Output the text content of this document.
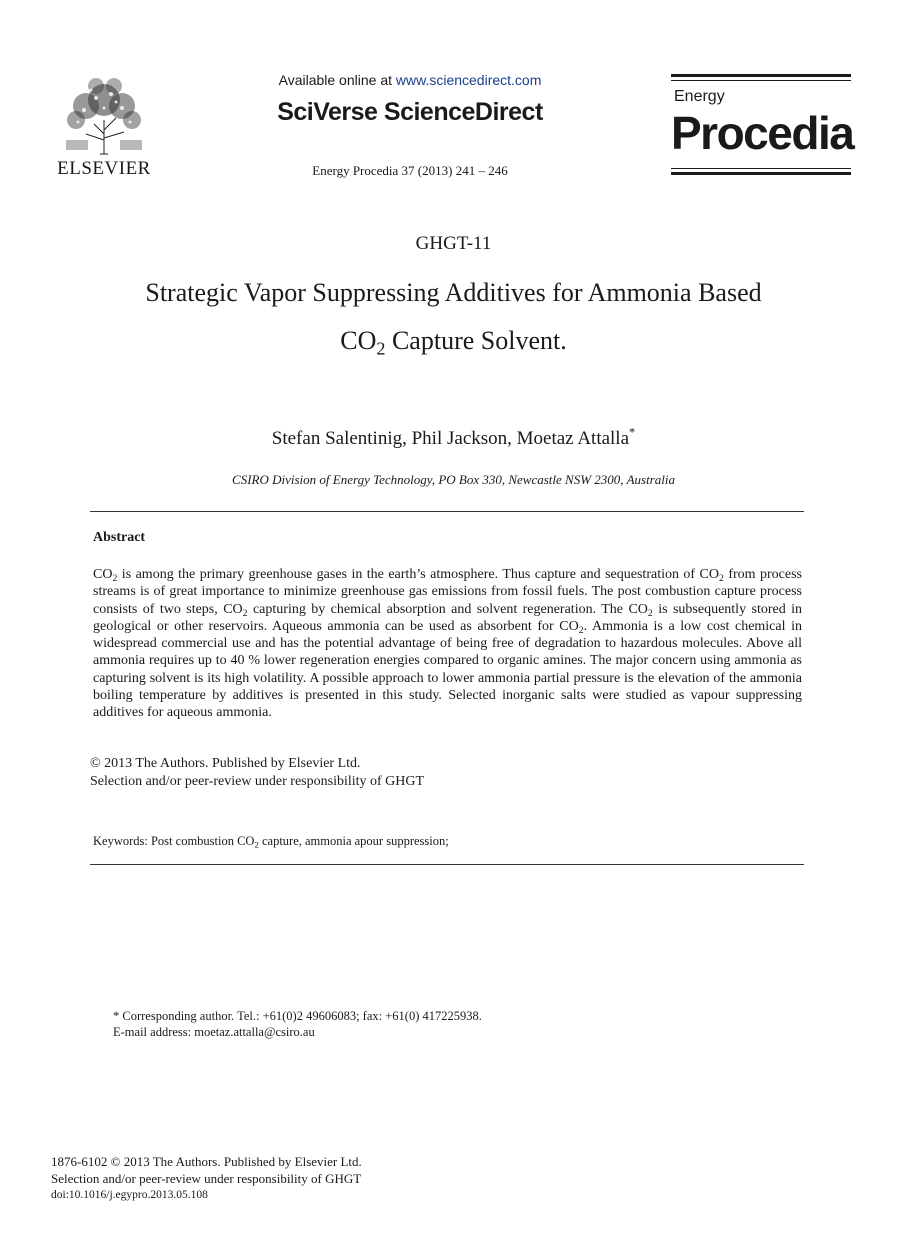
ELSEVIER
Available online at www.sciencedirect.com
SciVerse ScienceDirect
Energy Procedia 37 (2013) 241 – 246
Energy
Procedia
GHGT-11
Strategic Vapor Suppressing Additives for Ammonia Based
$CO_2$ Capture Solvent.
Stefan Salentinig, Phil Jackson, Moetaz Attalla*
CSIRO Division of Energy Technology, PO Box 330, Newcastle NSW 2300, Australia
Abstract
$CO_2$ is among the primary greenhouse gases in the earth’s atmosphere. Thus capture and sequestration of $CO_2$ from process streams is of great importance to minimize greenhouse gas emissions from fossil fuels. The post combustion capture process consists of two steps, $CO_2$ capturing by chemical absorption and solvent regeneration. The $CO_2$ is subsequently stored in geological or other reservoirs. Aqueous ammonia can be used as absorbent for $CO_2$. Ammonia is a low cost chemical in widespread commercial use and has the potential advantage of being free of degradation to hazardous molecules. Above all ammonia requires up to 40 % lower regeneration energies compared to organic amines. The major concern using ammonia as capturing solvent is its high volatility. A possible approach to lower ammonia partial pressure is the elevation of the ammonia boiling temperature by additives is presented in this study. Selected inorganic salts were studied as vapour suppressing additives for aqueous ammonia.
© 2013 The Authors. Published by Elsevier Ltd.
Selection and/or peer-review under responsibility of GHGT
Keywords: Post combustion $CO_2$ capture, ammonia apour suppression;
* Corresponding author. Tel.: +61(0)2 49606083; fax: +61(0) 417225938.
E-mail address: moetaz.attalla@csiro.au
1876-6102 © 2013 The Authors. Published by Elsevier Ltd.
Selection and/or peer-review under responsibility of GHGT
doi:10.1016/j.egypro.2013.05.108
